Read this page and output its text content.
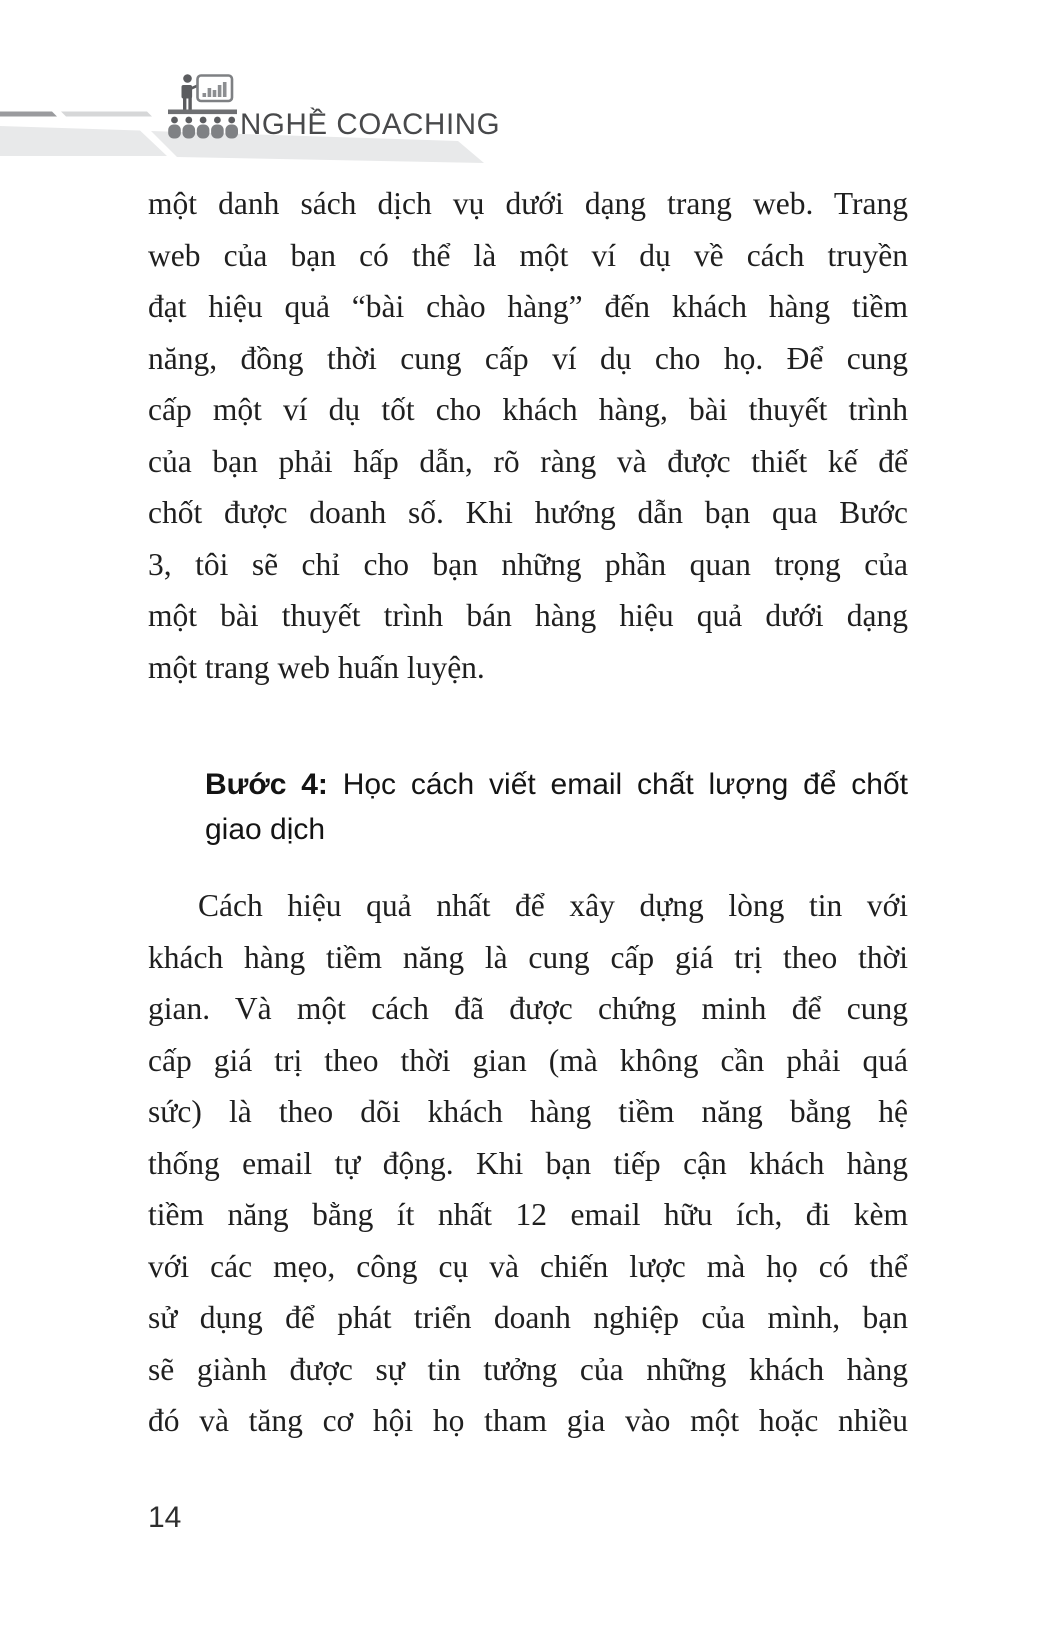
NGHỀ COACHING
một danh sách dịch vụ dưới dạng trang web. Trang
web của bạn có thể là một ví dụ về cách truyền
đạt hiệu quả “bài chào hàng” đến khách hàng tiềm
năng, đồng thời cung cấp ví dụ cho họ. Để cung
cấp một ví dụ tốt cho khách hàng, bài thuyết trình
của bạn phải hấp dẫn, rõ ràng và được thiết kế để
chốt được doanh số. Khi hướng dẫn bạn qua Bước
3, tôi sẽ chỉ cho bạn những phần quan trọng của
một bài thuyết trình bán hàng hiệu quả dưới dạng
một trang web huấn luyện.
Bước 4: Học cách viết email chất lượng để chốt
giao dịch
Cách hiệu quả nhất để xây dựng lòng tin với
khách hàng tiềm năng là cung cấp giá trị theo thời
gian. Và một cách đã được chứng minh để cung
cấp giá trị theo thời gian (mà không cần phải quá
sức) là theo dõi khách hàng tiềm năng bằng hệ
thống email tự động. Khi bạn tiếp cận khách hàng
tiềm năng bằng ít nhất 12 email hữu ích, đi kèm
với các mẹo, công cụ và chiến lược mà họ có thể
sử dụng để phát triển doanh nghiệp của mình, bạn
sẽ giành được sự tin tưởng của những khách hàng
đó và tăng cơ hội họ tham gia vào một hoặc nhiều
14
